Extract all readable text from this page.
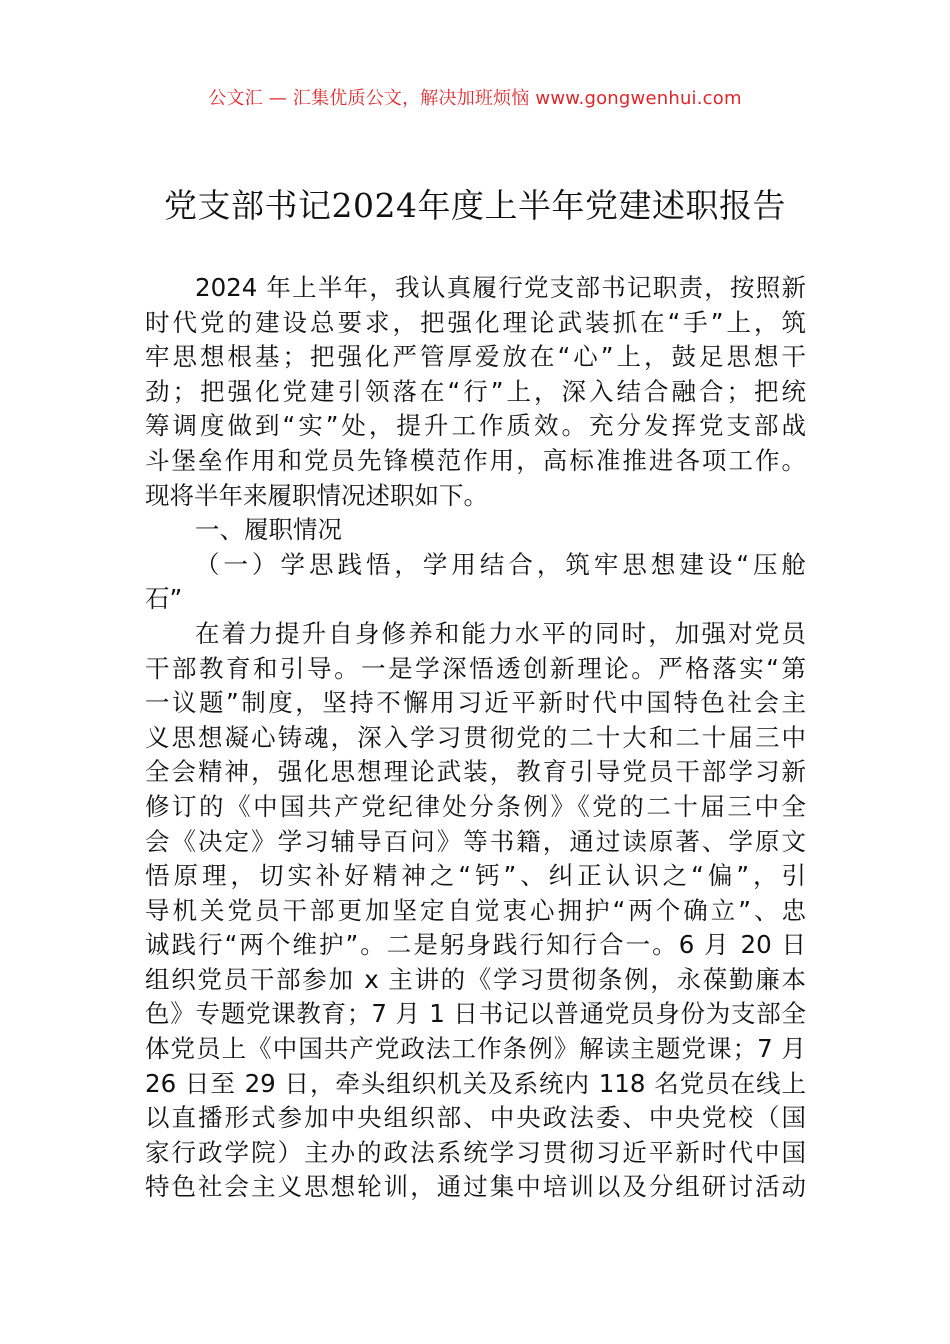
公文汇 — 汇集优质公文，解决加班烦恼 www.gongwenhui.com
党支部书记2024年度上半年党建述职报告
2024 年上半年，我认真履行党支部书记职责，按照新
时代党的建设总要求，把强化理论武装抓在“手”上，筑
牢思想根基；把强化严管厚爱放在“心”上，鼓足思想干
劲；把强化党建引领落在“行”上，深入结合融合；把统
筹调度做到“实”处，提升工作质效。充分发挥党支部战
斗堡垒作用和党员先锋模范作用，高标准推进各项工作。
现将半年来履职情况述职如下。
一、履职情况
（一）学思践悟，学用结合，筑牢思想建设“压舱
石”
在着力提升自身修养和能力水平的同时，加强对党员
干部教育和引导。一是学深悟透创新理论。严格落实“第
一议题”制度，坚持不懈用习近平新时代中国特色社会主
义思想凝心铸魂，深入学习贯彻党的二十大和二十届三中
全会精神，强化思想理论武装，教育引导党员干部学习新
修订的《中国共产党纪律处分条例》《党的二十届三中全
会《决定》学习辅导百问》等书籍，通过读原著、学原文
悟原理，切实补好精神之“钙”、纠正认识之“偏”，引
导机关党员干部更加坚定自觉衷心拥护“两个确立”、忠
诚践行“两个维护”。二是躬身践行知行合一。6 月 20 日
组织党员干部参加 x 主讲的《学习贯彻条例，永葆勤廉本
色》专题党课教育；7 月 1 日书记以普通党员身份为支部全
体党员上《中国共产党政法工作条例》解读主题党课；7 月
26 日至 29 日，牵头组织机关及系统内 118 名党员在线上
以直播形式参加中央组织部、中央政法委、中央党校（国
家行政学院）主办的政法系统学习贯彻习近平新时代中国
特色社会主义思想轮训，通过集中培训以及分组研讨活动
